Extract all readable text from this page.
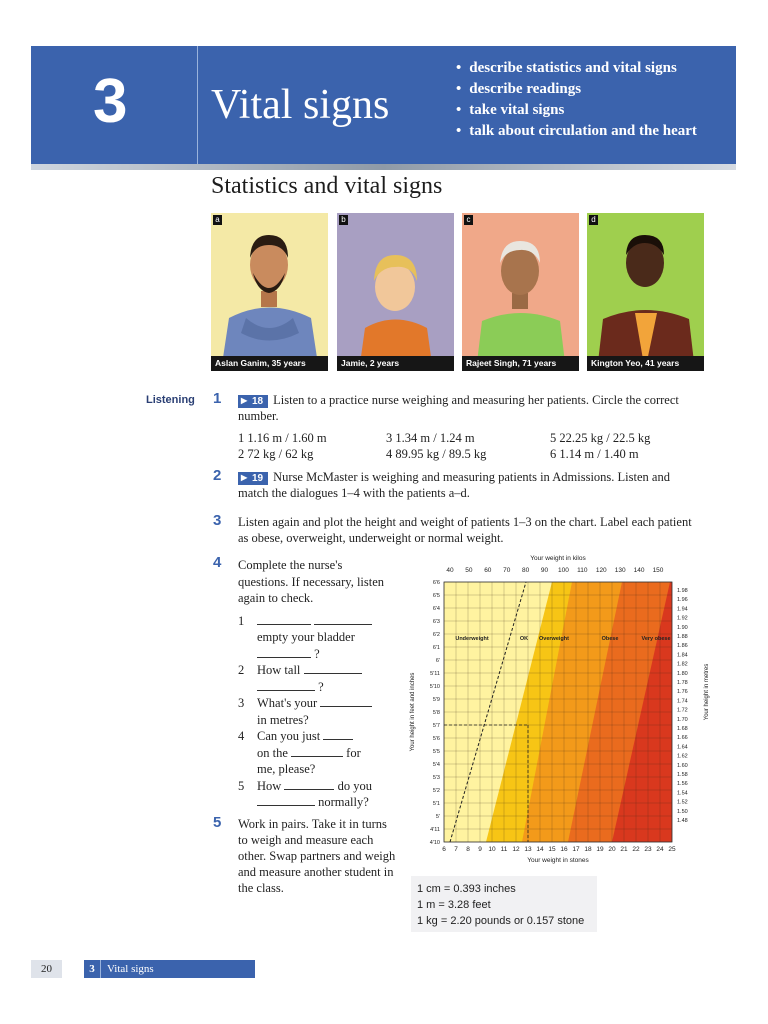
3 Vital signs
• describe statistics and vital signs
• describe readings
• take vital signs
• talk about circulation and the heart
Statistics and vital signs
a
Aslan Ganim, 35 years
b
Jamie, 2 years
c
Rajeet Singh, 71 years
d
Kington Yeo, 41 years
Listening 1	▶ 18 Listen to a practice nurse weighing and measuring her patients. Circle the correct number.
1 1.16 m / 1.60 m	3 1.34 m / 1.24 m	5 22.25 kg / 22.5 kg
2 72 kg / 62 kg	4 89.95 kg / 89.5 kg	6 1.14 m / 1.40 m
2	▶ 19 Nurse McMaster is weighing and measuring patients in Admissions. Listen and match the dialogues 1–4 with the patients a–d.
3 Listen again and plot the height and weight of patients 1–3 on the chart. Label each patient as obese, overweight, underweight or normal weight.
4 Complete the nurse's questions. If necessary, listen again to check.
1

empty your bladder
?
2 How tall
?
3 What's your
in metres?
4 Can you just
on the	for
me, please?
5 How	do you
normally?
5 Work in pairs. Take it in turns to weigh and measure each other. Swap partners and weigh and measure another student in the class.
Underweight	OK Overweight	Obese	Very obese
40 50 60 70 80 90 100 110 120 130 140 150
6 7 8 9 10 11 12 13 14 15 16 17 18 19 20 21 22 23 24 25
6'6
6'5
6'4
6'3
6'2
6'1
6'
5'11
5'10
5'9
5'8
5'7
5'6
5'5
5'4
5'3
5'2
5'1
5'
4'11
4'10
1.98
1.96
1.94
1.92
1.90
1.88
1.86
1.84
1.82
1.80
1.78
1.76
1.74
1.72
1.70
1.68
1.66
1.64
1.62
1.60
1.58
1.56
1.54
1.52
1.50
1.48
Your weight in kilos
Your weight in stones
Your height in feet and inches	Your height in metres
1 cm = 0.393 inches
1 m = 3.28 feet
1 kg = 2.20 pounds or 0.157 stone
20	3 Vital signs
